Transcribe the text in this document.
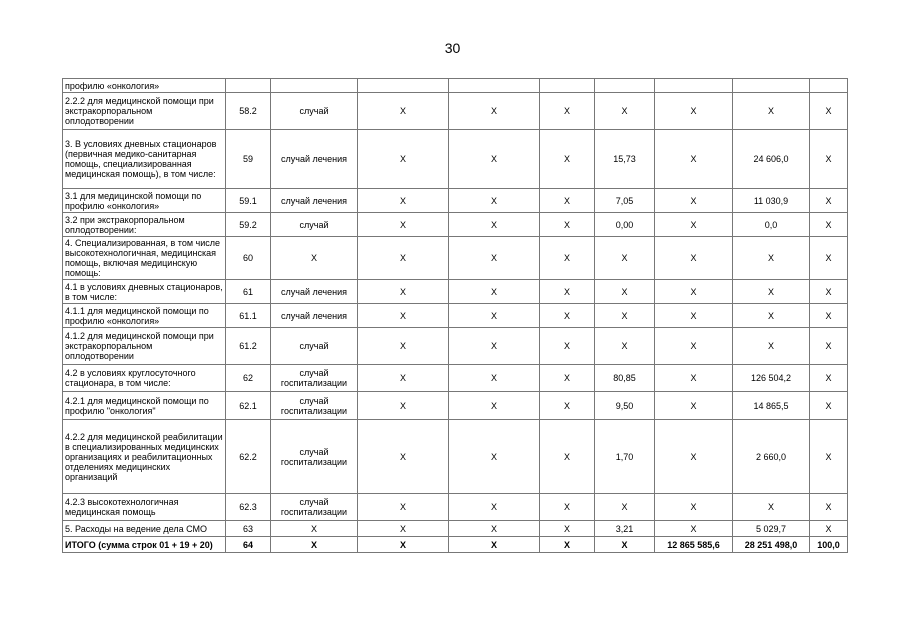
30
профилю «онкология»									
2.2.2 для медицинской помощи при экстракорпоральном оплодотворении	58.2	случай	X	X	X	X	X	X	X
3. В условиях дневных стационаров (первичная медико-санитарная помощь, специализированная медицинская помощь), в том числе:	59	случай лечения	X	X	X	15,73	X	24 606,0	X
3.1 для медицинской помощи по профилю «онкология»	59.1	случай лечения	X	X	X	7,05	X	11 030,9	X
3.2 при экстракорпоральном оплодотворении:	59.2	случай	X	X	X	0,00	X	0,0	X
4. Специализированная, в том числе высокотехнологичная, медицинская помощь, включая медицинскую помощь:	60	X	X	X	X	X	X	X	X
4.1 в условиях дневных стационаров, в том числе:	61	случай лечения	X	X	X	X	X	X	X
4.1.1 для медицинской помощи по профилю «онкология»	61.1	случай лечения	X	X	X	X	X	X	X
4.1.2 для медицинской помощи при экстракорпоральном оплодотворении	61.2	случай	X	X	X	X	X	X	X
4.2 в условиях круглосуточного стационара, в том числе:	62	случай госпитализации	X	X	X	80,85	X	126 504,2	X
4.2.1 для медицинской помощи по профилю "онкология"	62.1	случай госпитализации	X	X	X	9,50	X	14 865,5	X
4.2.2 для медицинской реабилитации в специализированных медицинских организациях и реабилитационных отделениях медицинских организаций	62.2	случай госпитализации	X	X	X	1,70	X	2 660,0	X
4.2.3 высокотехнологичная медицинская помощь	62.3	случай госпитализации	X	X	X	X	X	X	X
5. Расходы на ведение дела СМО	63	X	X	X	X	3,21	X	5 029,7	X
ИТОГО (сумма строк 01 + 19 + 20)	64	X	X	X	X	X	12 865 585,6	28 251 498,0	100,0
